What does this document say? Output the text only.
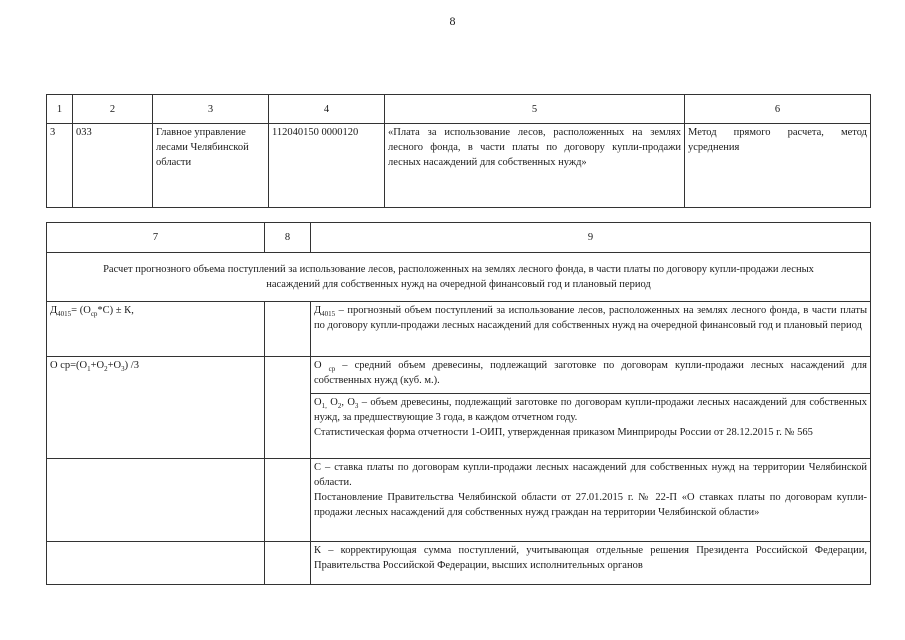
8
1	2	3	4	5	6
3	033	Главное управление лесами Челябинской области	112040150 0000120	«Плата за использование лесов, расположенных на землях лесного фонда, в части платы по договору купли-продажи лесных насаждений для собственных нужд»	Метод прямого расчета, метод усреднения
7	8	9
Расчет прогнозного объема поступлений за использование лесов, расположенных на землях лесного фонда, в части платы по договору купли-продажи лесных насаждений для собственных нужд на очередной финансовый год и плановый период		
$Д_{4015}= (О_{ср}*С) \pm К$,		$Д_{4015}$ – прогнозный объем поступлений за использование лесов, расположенных на землях лесного фонда, в части платы по договору купли-продажи лесных насаждений для собственных нужд на очередной финансовый год и плановый период
О $ср=(О_1+О_2+О_3)$ /3		О $_{ср}$ – средний объем древесины, подлежащий заготовке по договорам купли-продажи лесных насаждений для собственных нужд (куб. м.).

		$О_{1,}$ $О_2$, $О_3$ – объем древесины, подлежащий заготовке по договорам купли-продажи лесных насаждений для собственных нужд, за предшествующие 3 года, в каждом отчетном году.

Статистическая форма отчетности 1-ОИП, утвержденная приказом Минприроды России от 28.12.2015 г. № 565

		С – ставка платы по договорам купли-продажи лесных насаждений для собственных нужд на территории Челябинской области.

Постановление Правительства Челябинской области от 27.01.2015 г. № 22-П «О ставках платы по договорам купли-продажи лесных насаждений для собственных нужд граждан на территории Челябинской области»

		К – корректирующая сумма поступлений, учитывающая отдельные решения Президента Российской Федерации, Правительства Российской Федерации, высших исполнительных органов
